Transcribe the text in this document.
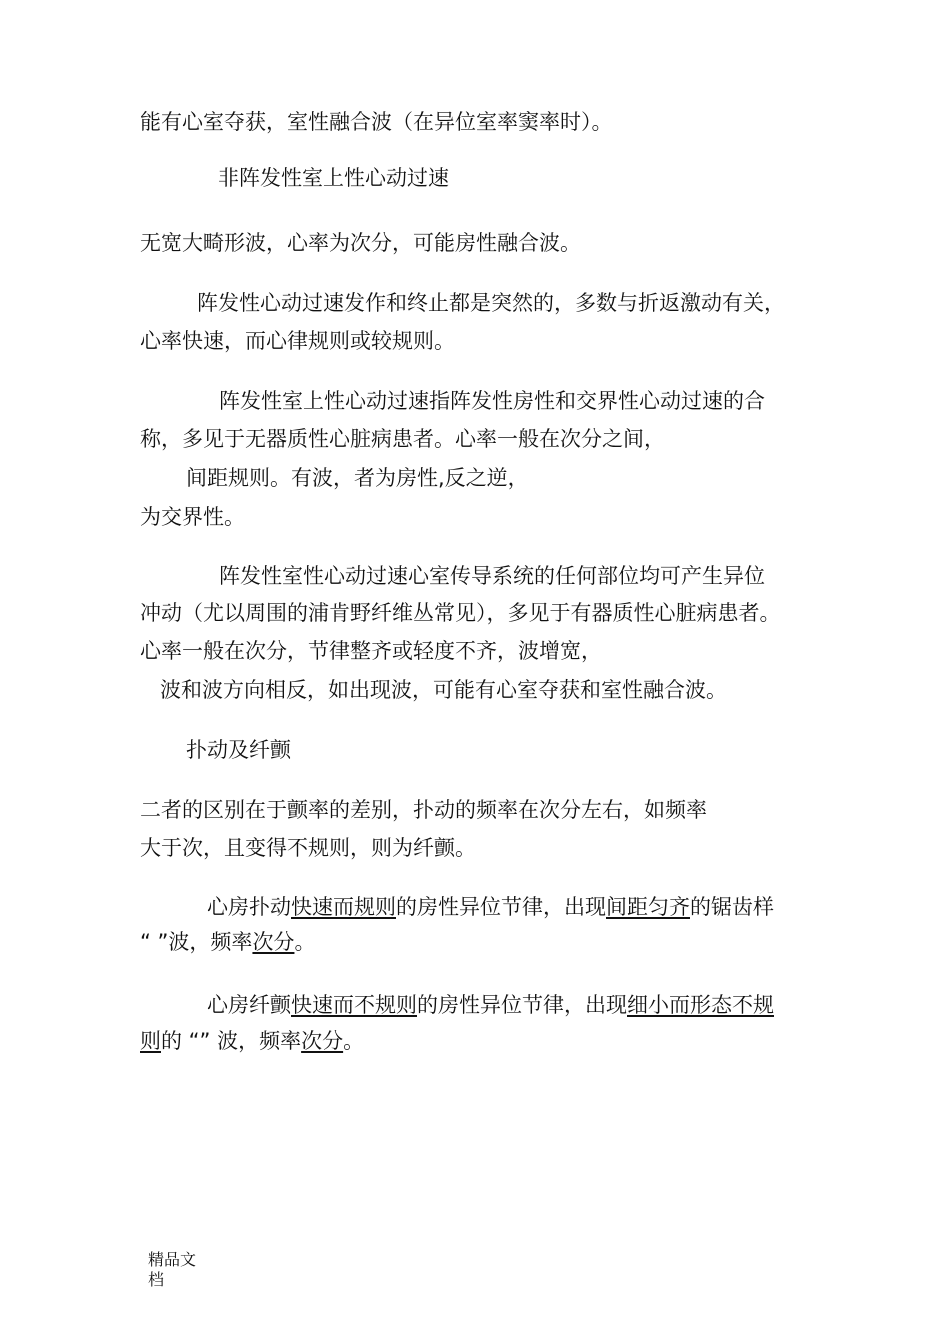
能有心室夺获，室性融合波（在异位室率窦率时）。
非阵发性室上性心动过速
无宽大畸形波，心率为次分，可能房性融合波。
阵发性心动过速发作和终止都是突然的，多数与折返激动有关，
心率快速，而心律规则或较规则。
阵发性室上性心动过速指阵发性房性和交界性心动过速的合
称，多见于无器质性心脏病患者。心率一般在次分之间，
间距规则。有波，者为房性,反之逆，
为交界性。
阵发性室性心动过速心室传导系统的任何部位均可产生异位
冲动（尤以周围的浦肯野纤维丛常见），多见于有器质性心脏病患者。
心率一般在次分，节律整齐或轻度不齐，波增宽，
波和波方向相反，如出现波，可能有心室夺获和室性融合波。
扑动及纤颤
二者的区别在于颤率的差别，扑动的频率在次分左右，如频率
大于次，且变得不规则，则为纤颤。
心房扑动快速而规则的房性异位节律，出现间距匀齐的锯齿样
“ ”波，频率次分。
心房纤颤快速而不规则的房性异位节律，出现细小而形态不规
则的 “” 波，频率次分。
精品文
档
